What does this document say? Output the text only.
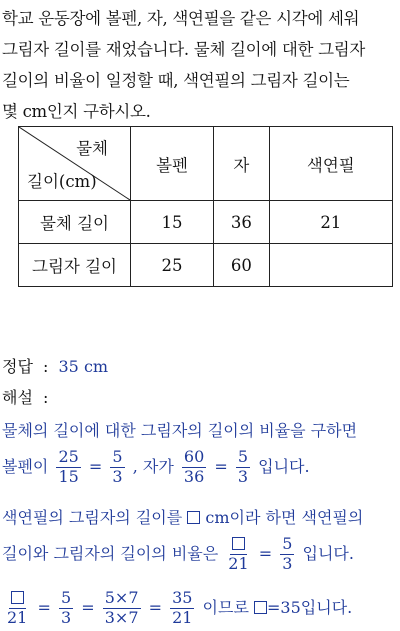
학교 운동장에 볼펜, 자, 색연필을 같은 시각에 세워
그림자 길이를 재었습니다. 물체 길이에 대한 그림자
길이의 비율이 일정할 때, 색연필의 그림자 길이는
몇 cm인지 구하시오.
물체
길이(cm)	볼펜	자	색연필
물체 길이	15	36	21
그림자 길이	25	60	
정답 : 35 cm
해설 :
물체의 길이에 대한 그림자의 길이의 비율을 구하면
볼펜이 $\frac{25}{15} = \frac{5}{3}$ , 자가 $\frac{60}{36} = \frac{5}{3}$ 입니다.
색연필의 그림자의 길이를 cm이라 하면 색연필의
길이와 그림자의 길이의 비율은
21
= $\frac{5}{3}$ 입니다.
21
= $\frac{5}{3} = \frac{5\times 7}{3\times 7} = \frac{35}{21}$ 이므로 =35입니다.
